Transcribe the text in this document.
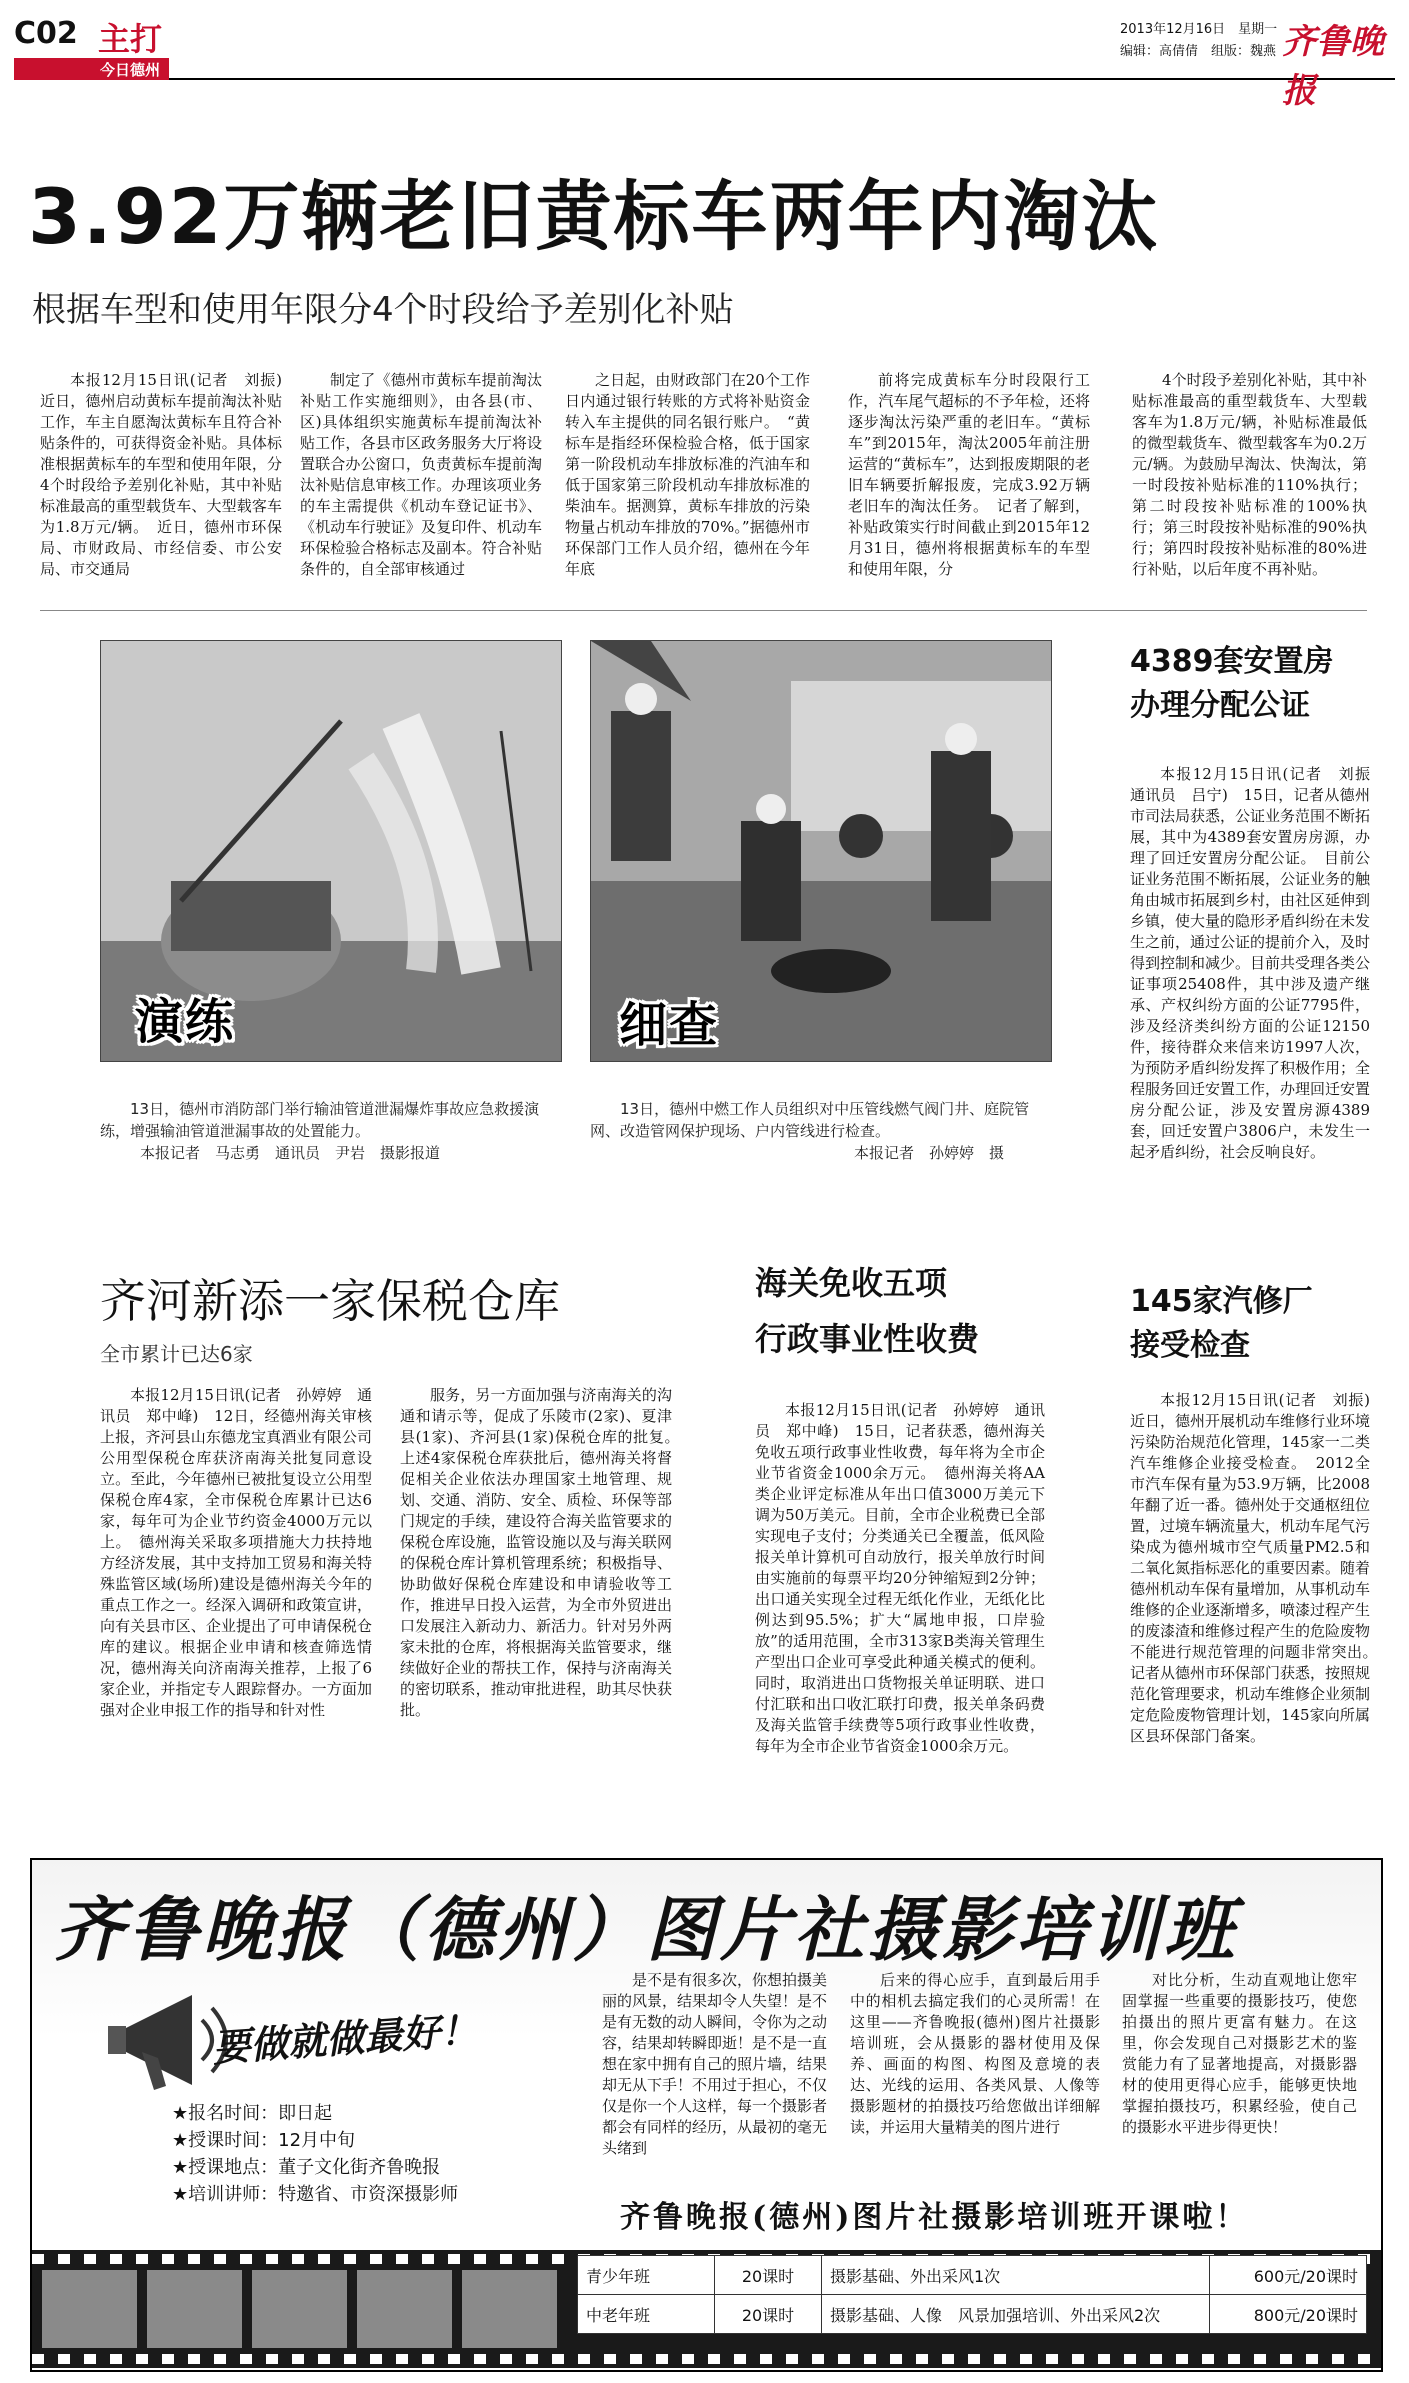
C02 主打
今日德州
2013年12月16日　星期一
编辑：高倩倩　组版：魏燕 齐鲁晚报
3.92万辆老旧黄标车两年内淘汰
根据车型和使用年限分4个时段给予差别化补贴

本报12月15日讯(记者　刘振)　近日，德州启动黄标车提前淘汰补贴工作，车主自愿淘汰黄标车且符合补贴条件的，可获得资金补贴。具体标准根据黄标车的车型和使用年限，分4个时段给予差别化补贴，其中补贴标准最高的重型载货车、大型载客车为1.8万元/辆。　近日，德州市环保局、市财政局、市经信委、市公安局、市交通局

制定了《德州市黄标车提前淘汰补贴工作实施细则》，由各县(市、区)具体组织实施黄标车提前淘汰补贴工作，各县市区政务服务大厅将设置联合办公窗口，负责黄标车提前淘汰补贴信息审核工作。办理该项业务的车主需提供《机动车登记证书》、《机动车行驶证》及复印件、机动车环保检验合格标志及副本。符合补贴条件的，自全部审核通过

之日起，由财政部门在20个工作日内通过银行转账的方式将补贴资金转入车主提供的同名银行账户。　“黄标车是指经环保检验合格，低于国家第一阶段机动车排放标准的汽油车和低于国家第三阶段机动车排放标准的柴油车。据测算，黄标车排放的污染物量占机动车排放的70%。”据德州市环保部门工作人员介绍，德州在今年年底

前将完成黄标车分时段限行工作，汽车尾气超标的不予年检，还将逐步淘汰污染严重的老旧车。“黄标车”到2015年，淘汰2005年前注册运营的“黄标车”，达到报废期限的老旧车辆要折解报废，完成3.92万辆老旧车的淘汰任务。　记者了解到，补贴政策实行时间截止到2015年12月31日，德州将根据黄标车的车型和使用年限，分

4个时段予差别化补贴，其中补贴标准最高的重型载货车、大型载客车为1.8万元/辆，补贴标准最低的微型载货车、微型载客车为0.2万元/辆。为鼓励早淘汰、快淘汰，第一时段按补贴标准的110%执行；第二时段按补贴标准的100%执行；第三时段按补贴标准的90%执行；第四时段按补贴标准的80%进行补贴，以后年度不再补贴。

演练	细查
13日，德州市消防部门举行输油管道泄漏爆炸事故应急救援演练，增强输油管道泄漏事故的处置能力。
本报记者　马志勇　通讯员　尹岩　摄影报道
13日，德州中燃工作人员组织对中压管线燃气阀门井、庭院管网、改造管网保护现场、户内管线进行检查。
本报记者　孙婷婷　摄
4389套安置房
办理分配公证

本报12月15日讯(记者　刘振　通讯员　吕宁)　15日，记者从德州市司法局获悉，公证业务范围不断拓展，其中为4389套安置房房源，办理了回迁安置房分配公证。　目前公证业务范围不断拓展，公证业务的触角由城市拓展到乡村，由社区延伸到乡镇，使大量的隐形矛盾纠纷在未发生之前，通过公证的提前介入，及时得到控制和减少。目前共受理各类公证事项25408件，其中涉及遗产继承、产权纠纷方面的公证7795件，涉及经济类纠纷方面的公证12150件，接待群众来信来访1997人次，为预防矛盾纠纷发挥了积极作用；全程服务回迁安置工作，办理回迁安置房分配公证，涉及安置房源4389套，回迁安置户3806户，未发生一起矛盾纠纷，社会反响良好。

齐河新添一家保税仓库
全市累计已达6家

本报12月15日讯(记者　孙婷婷　通讯员　郑中峰)　12日，经德州海关审核上报，齐河县山东德龙宝真酒业有限公司公用型保税仓库获济南海关批复同意设立。至此，今年德州已被批复设立公用型保税仓库4家，全市保税仓库累计已达6家，每年可为企业节约资金4000万元以上。　德州海关采取多项措施大力扶持地方经济发展，其中支持加工贸易和海关特殊监管区域(场所)建设是德州海关今年的重点工作之一。经深入调研和政策宣讲，向有关县市区、企业提出了可申请保税仓库的建议。根据企业申请和核查筛选情况，德州海关向济南海关推荐，上报了6家企业，并指定专人跟踪督办。一方面加强对企业申报工作的指导和针对性

服务，另一方面加强与济南海关的沟通和请示等，促成了乐陵市(2家)、夏津县(1家)、齐河县(1家)保税仓库的批复。　上述4家保税仓库获批后，德州海关将督促相关企业依法办理国家土地管理、规划、交通、消防、安全、质检、环保等部门规定的手续，建设符合海关监管要求的保税仓库设施，监管设施以及与海关联网的保税仓库计算机管理系统；积极指导、协助做好保税仓库建设和申请验收等工作，推进早日投入运营，为全市外贸进出口发展注入新动力、新活力。针对另外两家未批的仓库，将根据海关监管要求，继续做好企业的帮扶工作，保持与济南海关的密切联系，推动审批进程，助其尽快获批。

海关免收五项
行政事业性收费

本报12月15日讯(记者　孙婷婷　通讯员　郑中峰)　15日，记者获悉，德州海关免收五项行政事业性收费，每年将为全市企业节省资金1000余万元。　德州海关将AA类企业评定标准从年出口值3000万美元下调为50万美元。目前，全市企业税费已全部实现电子支付；分类通关已全覆盖，低风险报关单计算机可自动放行，报关单放行时间由实施前的每票平均20分钟缩短到2分钟；出口通关实现全过程无纸化作业，无纸化比例达到95.5%；扩大“属地申报，口岸验放”的适用范围，全市313家B类海关管理生产型出口企业可享受此种通关模式的便利。同时，取消进出口货物报关单证明联、进口付汇联和出口收汇联打印费，报关单条码费及海关监管手续费等5项行政事业性收费，每年为全市企业节省资金1000余万元。

145家汽修厂
接受检查

本报12月15日讯(记者　刘振)　近日，德州开展机动车维修行业环境污染防治规范化管理，145家一二类汽车维修企业接受检查。　2012全市汽车保有量为53.9万辆，比2008年翻了近一番。德州处于交通枢纽位置，过境车辆流量大，机动车尾气污染成为德州城市空气质量PM2.5和二氧化氮指标恶化的重要因素。随着德州机动车保有量增加，从事机动车维修的企业逐渐增多，喷漆过程产生的废漆渣和维修过程产生的危险废物不能进行规范管理的问题非常突出。　记者从德州市环保部门获悉，按照规范化管理要求，机动车维修企业须制定危险废物管理计划，145家向所属区县环保部门备案。

齐鲁晚报（德州）图片社摄影培训班
要做就做最好！
★报名时间：即日起
★授课时间：12月中旬
★授课地点：董子文化街齐鲁晚报
★培训讲师：特邀省、市资深摄影师

是不是有很多次，你想拍摄美丽的风景，结果却令人失望！是不是有无数的动人瞬间，令你为之动容，结果却转瞬即逝！是不是一直想在家中拥有自己的照片墙，结果却无从下手！不用过于担心，不仅仅是你一个人这样，每一个摄影者都会有同样的经历，从最初的毫无头绪到

后来的得心应手，直到最后用手中的相机去搞定我们的心灵所需！在这里——齐鲁晚报(德州)图片社摄影培训班，会从摄影的器材使用及保养、画面的构图、构图及意境的表达、光线的运用、各类风景、人像等摄影题材的拍摄技巧给您做出详细解读，并运用大量精美的图片进行

对比分析，生动直观地让您牢固掌握一些重要的摄影技巧，使您拍摄出的照片更富有魅力。在这里，你会发现自己对摄影艺术的鉴赏能力有了显著地提高，对摄影器材的使用更得心应手，能够更快地掌握拍摄技巧，积累经验，使自己的摄影水平进步得更快！

齐鲁晚报(德州)图片社摄影培训班开课啦！
青少年班	20课时	摄影基础、外出采风1次	600元/20课时
中老年班	20课时	摄影基础、人像　风景加强培训、外出采风2次	800元/20课时
